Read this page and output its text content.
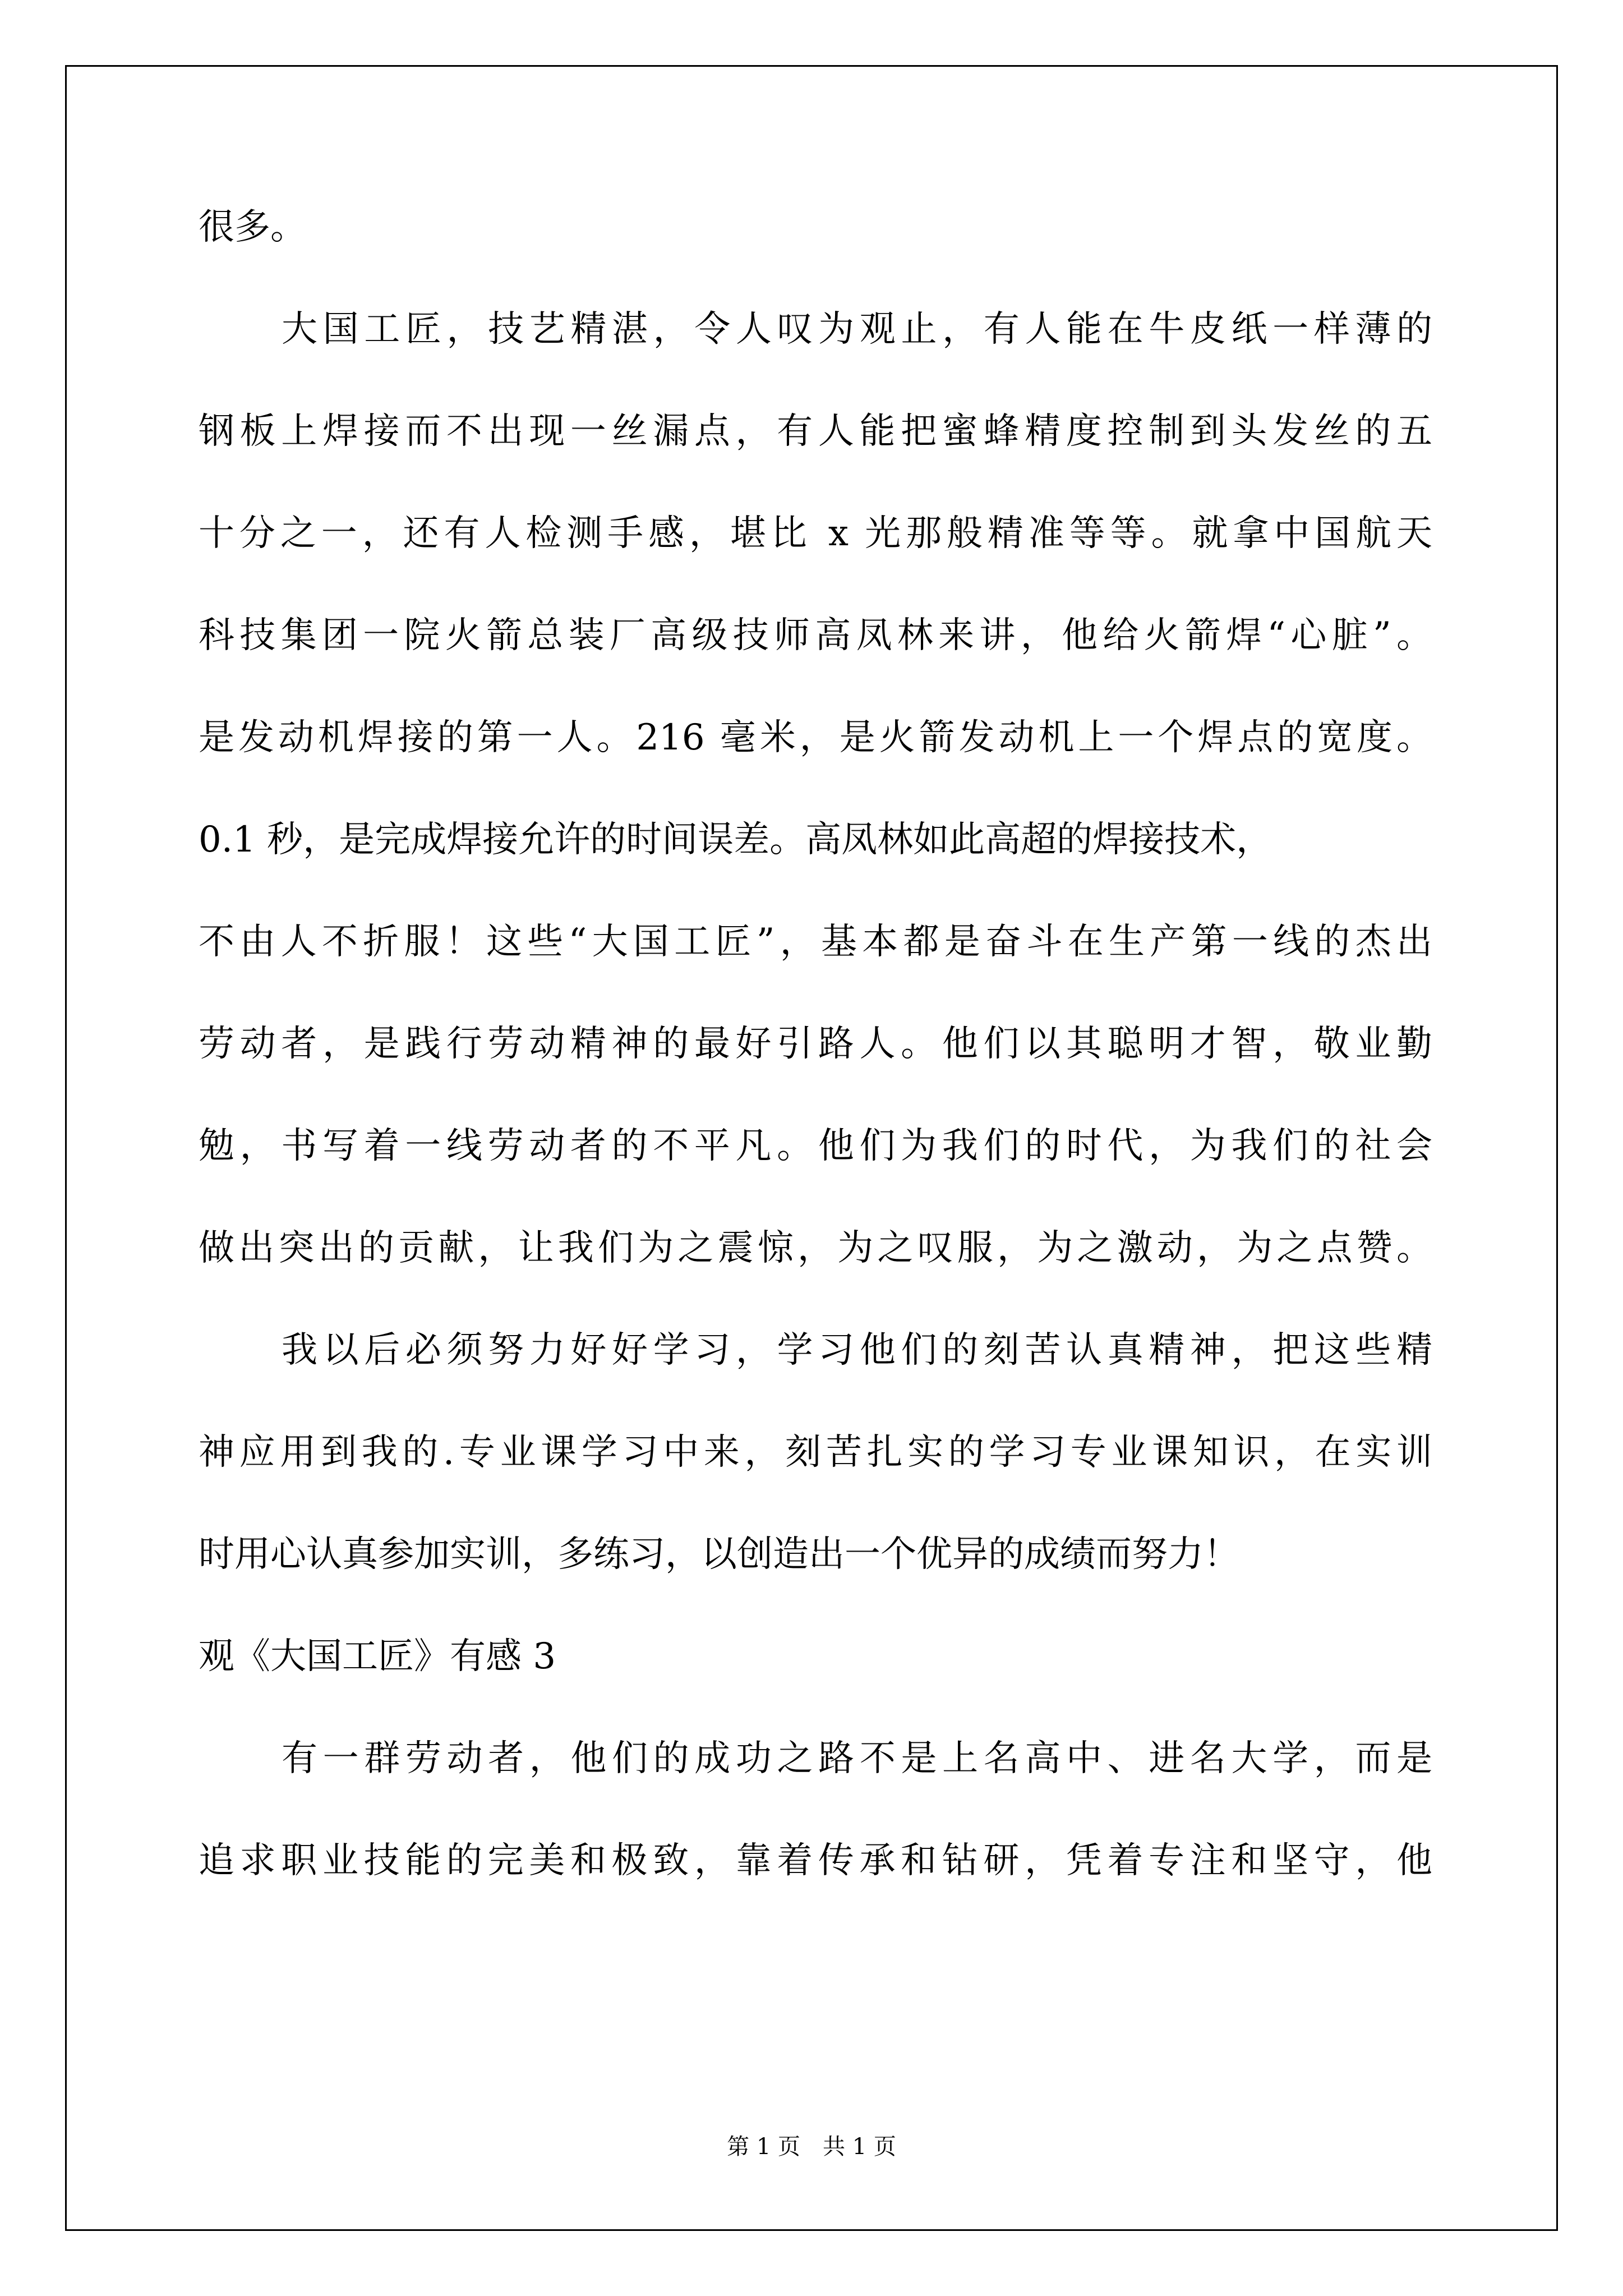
很多。
大国工匠，技艺精湛，令人叹为观止，有人能在牛皮纸一样薄的
钢板上焊接而不出现一丝漏点，有人能把蜜蜂精度控制到头发丝的五
十分之一，还有人检测手感，堪比 x 光那般精准等等。就拿中国航天
科技集团一院火箭总装厂高级技师高凤林来讲，他给火箭焊“心脏”。
是发动机焊接的第一人。216 毫米，是火箭发动机上一个焊点的宽度。
0.1 秒，是完成焊接允许的时间误差。高凤林如此高超的焊接技术，
不由人不折服！这些“大国工匠”，基本都是奋斗在生产第一线的杰出
劳动者，是践行劳动精神的最好引路人。他们以其聪明才智，敬业勤
勉，书写着一线劳动者的不平凡。他们为我们的时代，为我们的社会
做出突出的贡献，让我们为之震惊，为之叹服，为之激动，为之点赞。
我以后必须努力好好学习，学习他们的刻苦认真精神，把这些精
神应用到我的.专业课学习中来，刻苦扎实的学习专业课知识，在实训
时用心认真参加实训，多练习，以创造出一个优异的成绩而努力！
观《大国工匠》有感 3
有一群劳动者，他们的成功之路不是上名高中、进名大学，而是
追求职业技能的完美和极致，靠着传承和钻研，凭着专注和坚守，他
第 1 页　共 1 页
